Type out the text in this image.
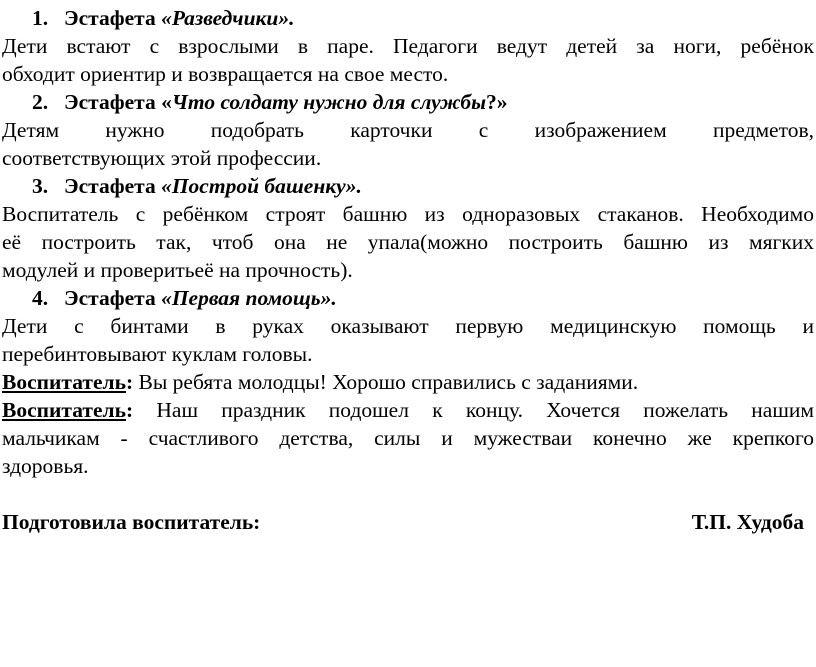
1. Эстафета «Разведчики».
Дети встают с взрослыми в паре. Педагоги ведут детей за ноги, ребёнок
обходит ориентир и возвращается на свое место.
2. Эстафета «Что солдату нужно для службы?»
Детям нужно подобрать карточки с изображением предметов,
соответствующих этой профессии.
3. Эстафета «Построй башенку».
Воспитатель с ребёнком строят башню из одноразовых стаканов. Необходимо
её построить так, чтоб она не упала(можно построить башню из мягких
модулей и проверитьеё на прочность).
4. Эстафета «Первая помощь».
Дети с бинтами в руках оказывают первую медицинскую помощь и
перебинтовывают куклам головы.
Воспитатель: Вы ребята молодцы! Хорошо справились с заданиями.
Воспитатель: Наш праздник подошел к концу. Хочется пожелать нашим
мальчикам - счастливого детства, силы и мужестваи конечно же крепкого
здоровья.
Подготовила воспитатель:	Т.П. Худоба
